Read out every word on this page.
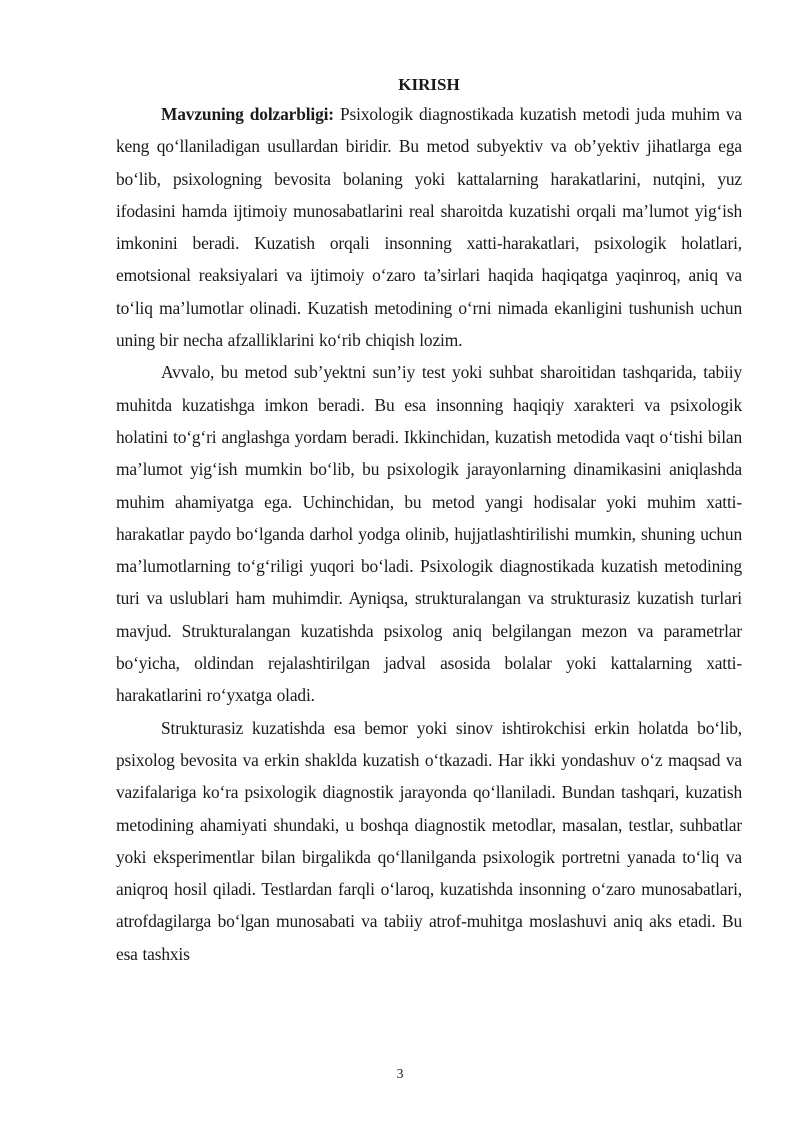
KIRISH

Mavzuning dolzarbligi: Psixologik diagnostikada kuzatish metodi juda muhim va keng qo‘llaniladigan usullardan biridir. Bu metod subyektiv va ob’yektiv jihatlarga ega bo‘lib, psixologning bevosita bolaning yoki kattalarning harakatlarini, nutqini, yuz ifodasini hamda ijtimoiy munosabatlarini real sharoitda kuzatishi orqali ma’lumot yig‘ish imkonini beradi. Kuzatish orqali insonning xatti-harakatlari, psixologik holatlari, emotsional reaksiyalari va ijtimoiy o‘zaro ta’sirlari haqida haqiqatga yaqinroq, aniq va to‘liq ma’lumotlar olinadi. Kuzatish metodining o‘rni nimada ekanligini tushunish uchun uning bir necha afzalliklarini ko‘rib chiqish lozim.

Avvalo, bu metod sub’yektni sun’iy test yoki suhbat sharoitidan tashqarida, tabiiy muhitda kuzatishga imkon beradi. Bu esa insonning haqiqiy xarakteri va psixologik holatini to‘g‘ri anglashga yordam beradi. Ikkinchidan, kuzatish metodida vaqt o‘tishi bilan ma’lumot yig‘ish mumkin bo‘lib, bu psixologik jarayonlarning dinamikasini aniqlashda muhim ahamiyatga ega. Uchinchidan, bu metod yangi hodisalar yoki muhim xatti-harakatlar paydo bo‘lganda darhol yodga olinib, hujjatlashtirilishi mumkin, shuning uchun ma’lumotlarning to‘g‘riligi yuqori bo‘ladi. Psixologik diagnostikada kuzatish metodining turi va uslublari ham muhimdir. Ayniqsa, strukturalangan va strukturasiz kuzatish turlari mavjud. Strukturalangan kuzatishda psixolog aniq belgilangan mezon va parametrlar bo‘yicha, oldindan rejalashtirilgan jadval asosida bolalar yoki kattalarning xatti-harakatlarini ro‘yxatga oladi.

Strukturasiz kuzatishda esa bemor yoki sinov ishtirokchisi erkin holatda bo‘lib, psixolog bevosita va erkin shaklda kuzatish o‘tkazadi. Har ikki yondashuv o‘z maqsad va vazifalariga ko‘ra psixologik diagnostik jarayonda qo‘llaniladi. Bundan tashqari, kuzatish metodining ahamiyati shundaki, u boshqa diagnostik metodlar, masalan, testlar, suhbatlar yoki eksperimentlar bilan birgalikda qo‘llanilganda psixologik portretni yanada to‘liq va aniqroq hosil qiladi. Testlardan farqli o‘laroq, kuzatishda insonning o‘zaro munosabatlari, atrofdagilarga bo‘lgan munosabati va tabiiy atrof-muhitga moslashuvi aniq aks etadi. Bu esa tashxis

3
